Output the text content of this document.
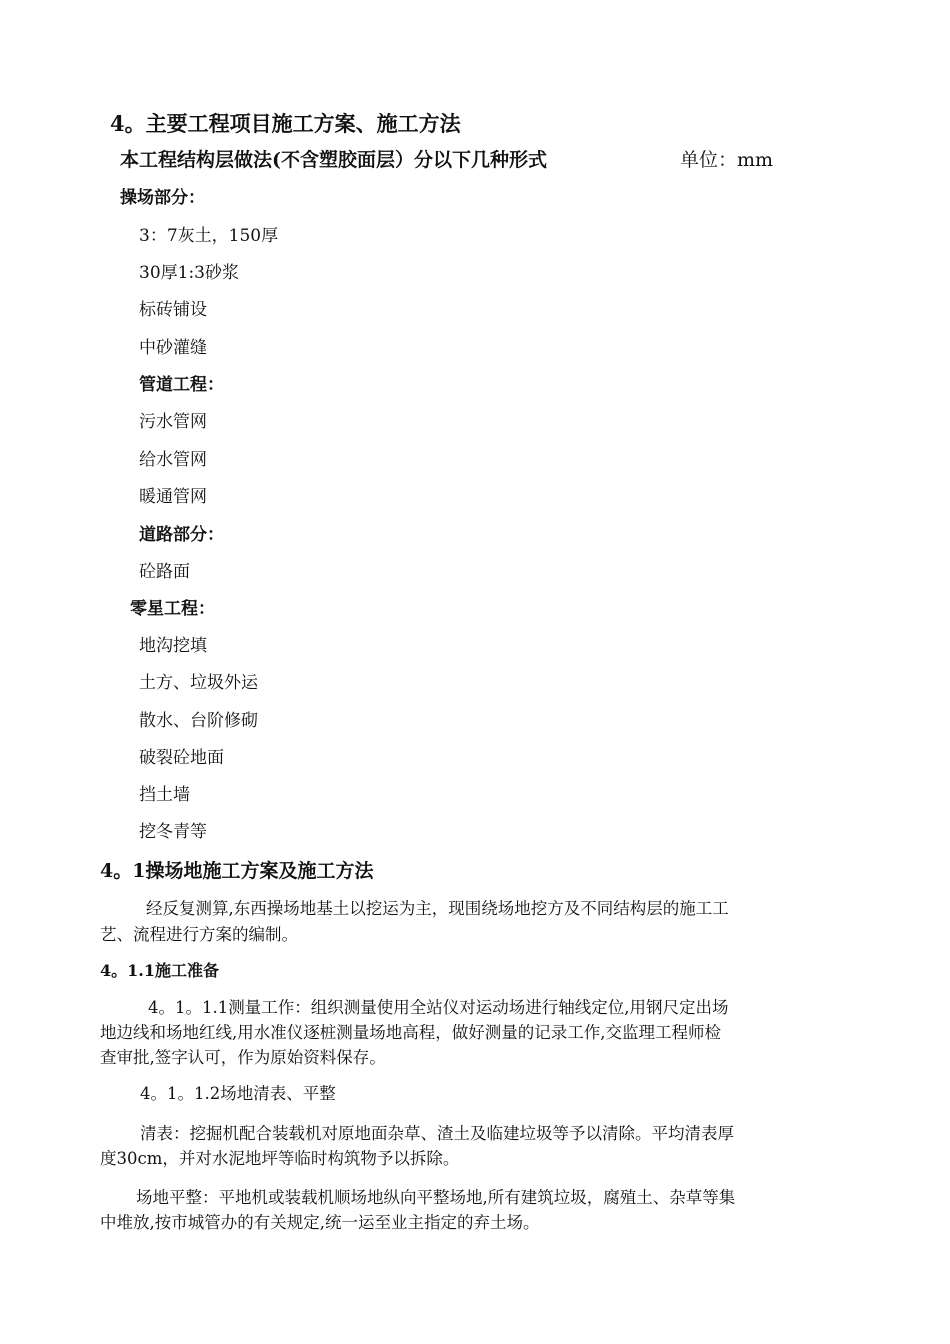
4。主要工程项目施工方案、施工方法
本工程结构层做法(不含塑胶面层）分以下几种形式	单位：mm
操场部分：
3：7灰土，150厚
30厚1:3砂浆
标砖铺设
中砂灌缝
管道工程：
污水管网
给水管网
暖通管网
道路部分：
砼路面
零星工程：
地沟挖填
土方、垃圾外运
散水、台阶修砌
破裂砼地面
挡土墙
挖冬青等
4。1操场地施工方案及施工方法
经反复测算,东西操场地基土以挖运为主，现围绕场地挖方及不同结构层的施工工
艺、流程进行方案的编制。
4。1.1施工准备
4。1。1.1测量工作：组织测量使用全站仪对运动场进行轴线定位,用钢尺定出场
地边线和场地红线,用水准仪逐桩测量场地高程，做好测量的记录工作,交监理工程师检
查审批,签字认可，作为原始资料保存。
4。1。1.2场地清表、平整
清表：挖掘机配合装载机对原地面杂草、渣土及临建垃圾等予以清除。平均清表厚
度30cm，并对水泥地坪等临时构筑物予以拆除。
场地平整：平地机或装载机顺场地纵向平整场地,所有建筑垃圾，腐殖土、杂草等集
中堆放,按市城管办的有关规定,统一运至业主指定的弃土场。
